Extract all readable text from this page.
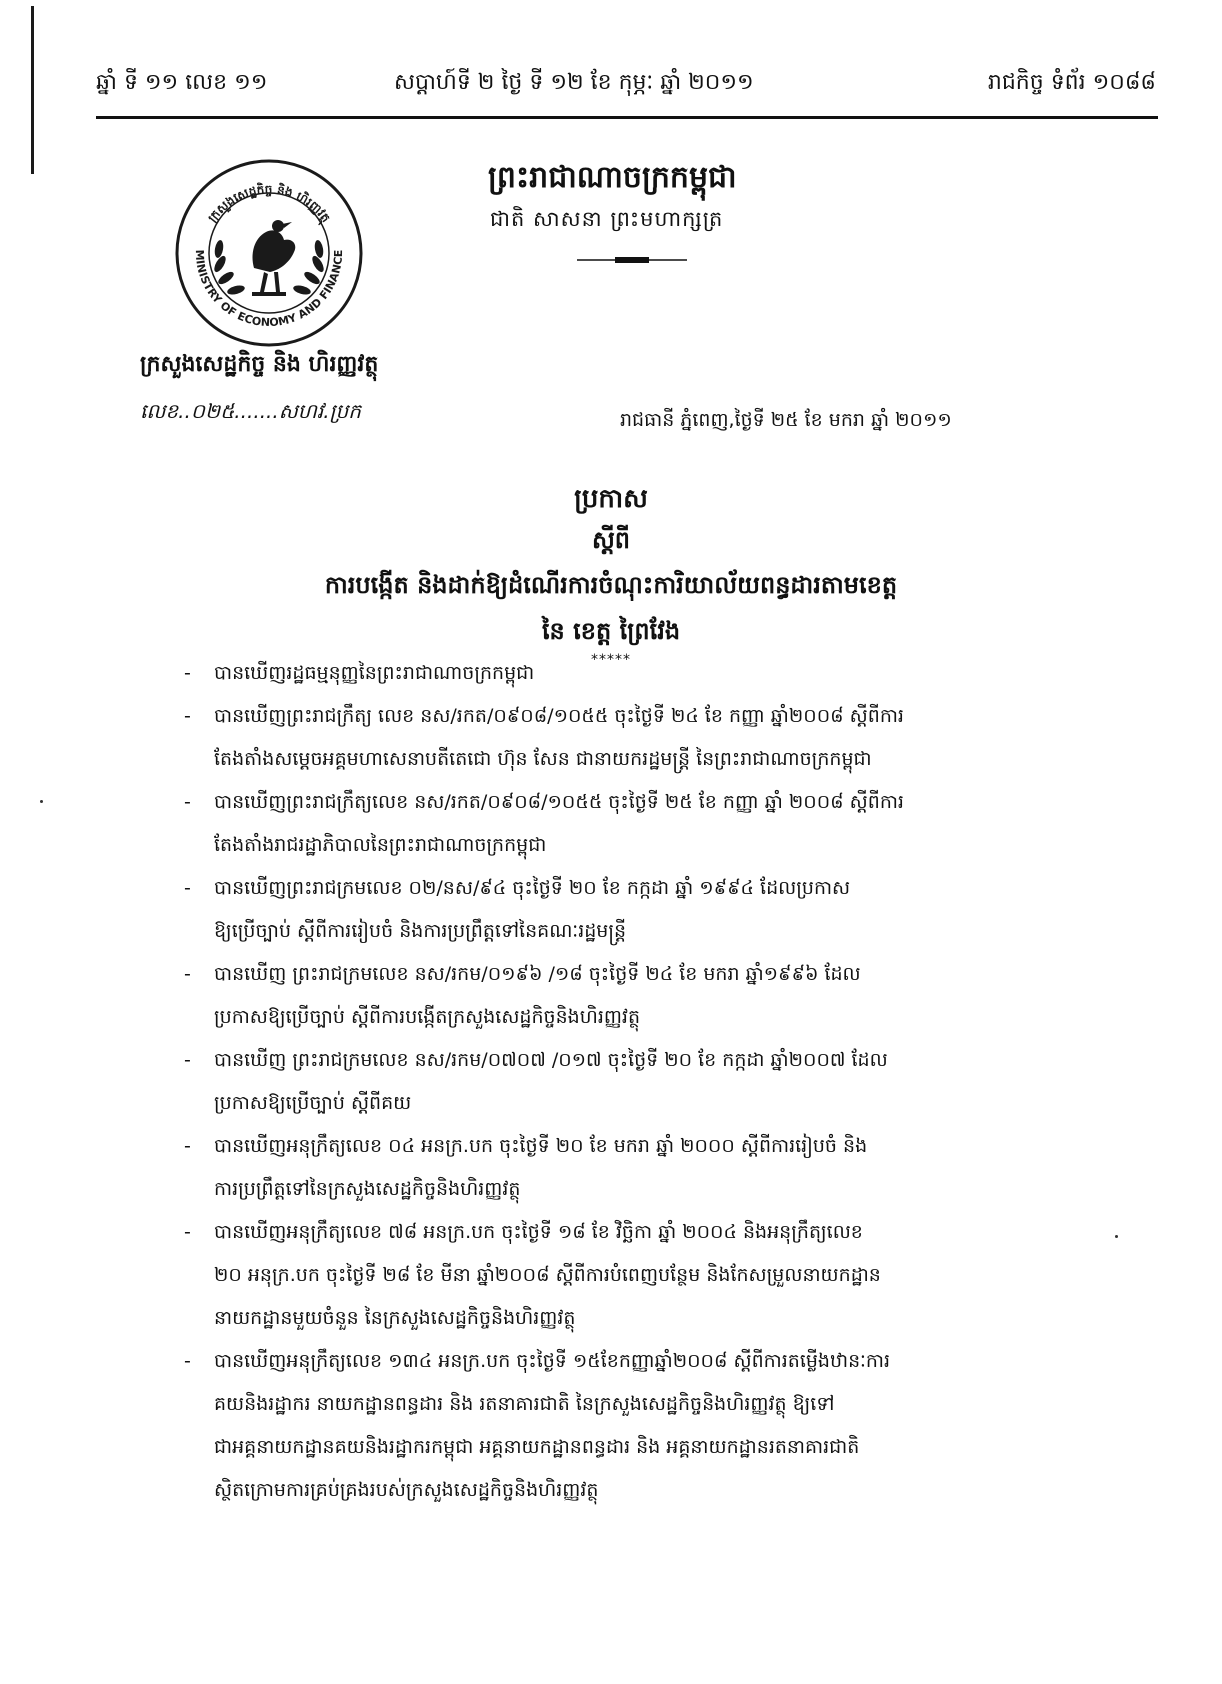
ឆ្នាំ ទី ១១ លេខ ១១	សប្ដាហ៍ទី ២ ថ្ងៃ ទី ១២ ខែ កុម្ភៈ ឆ្នាំ ២០១១	រាជកិច្ច ទំព័រ ១០៨៨
MINISTRY OF ECONOMY AND FINANCE
ក្រសួងសេដ្ឋកិច្ច និង ហិរញ្ញវត្ថុ
ក្រសួងសេដ្ឋកិច្ច និង ហិរញ្ញវត្ថុ
លេខ..០២៥.......សហវ.ប្រក
ព្រះរាជាណាចក្រកម្ពុជា
ជាតិ សាសនា ព្រះមហាក្សត្រ
រាជធានី ភ្នំពេញ,ថ្ងៃទី ២៥ ខែ មករា ឆ្នាំ ២០១១
ប្រកាស
ស្ដីពី
ការបង្កើត និងដាក់ឱ្យដំណើរការចំណុះការិយាល័យពន្ធដារតាមខេត្ត
នៃ ខេត្ត ព្រៃវែង
*****
- បានឃើញរដ្ឋធម្មនុញ្ញនៃព្រះរាជាណាចក្រកម្ពុជា
- បានឃើញព្រះរាជក្រឹត្យ លេខ នស/រកត/០៩០៨/១០៥៥ ចុះថ្ងៃទី ២៤ ខែ កញ្ញា ឆ្នាំ២០០៨ ស្ដីពីការ
តែងតាំងសម្ដេចអគ្គមហាសេនាបតីតេជោ ហ៊ុន សែន ជានាយករដ្ឋមន្ត្រី នៃព្រះរាជាណាចក្រកម្ពុជា
- បានឃើញព្រះរាជក្រឹត្យលេខ នស/រកត/០៩០៨/១០៥៥ ចុះថ្ងៃទី ២៥ ខែ កញ្ញា ឆ្នាំ ២០០៨ ស្ដីពីការ
តែងតាំងរាជរដ្ឋាភិបាលនៃព្រះរាជាណាចក្រកម្ពុជា
- បានឃើញព្រះរាជក្រមលេខ ០២/នស/៩៤ ចុះថ្ងៃទី ២០ ខែ កក្កដា ឆ្នាំ ១៩៩៤ ដែលប្រកាស
ឱ្យប្រើច្បាប់ ស្ដីពីការរៀបចំ និងការប្រព្រឹត្តទៅនៃគណៈរដ្ឋមន្ត្រី
- បានឃើញ ព្រះរាជក្រមលេខ នស/រកម/០១៩៦ /១៨ ចុះថ្ងៃទី ២៤ ខែ មករា ឆ្នាំ១៩៩៦ ដែល
ប្រកាសឱ្យប្រើច្បាប់ ស្ដីពីការបង្កើតក្រសួងសេដ្ឋកិច្ចនិងហិរញ្ញវត្ថុ
- បានឃើញ ព្រះរាជក្រមលេខ នស/រកម/០៧០៧ /០១៧ ចុះថ្ងៃទី ២០ ខែ កក្កដា ឆ្នាំ២០០៧ ដែល
ប្រកាសឱ្យប្រើច្បាប់ ស្ដីពីគយ
- បានឃើញអនុក្រឹត្យលេខ ០៤ អនក្រ.បក ចុះថ្ងៃទី ២០ ខែ មករា ឆ្នាំ ២០០០ ស្ដីពីការរៀបចំ និង
ការប្រព្រឹត្តទៅនៃក្រសួងសេដ្ឋកិច្ចនិងហិរញ្ញវត្ថុ
- បានឃើញអនុក្រឹត្យលេខ ៧៨ អនក្រ.បក ចុះថ្ងៃទី ១៨ ខែ វិច្ឆិកា ឆ្នាំ ២០០៤ និងអនុក្រឹត្យលេខ
២០ អនុក្រ.បក ចុះថ្ងៃទី ២៨ ខែ មីនា ឆ្នាំ២០០៨ ស្ដីពីការបំពេញបន្ថែម និងកែសម្រួលនាយកដ្ឋាន
នាយកដ្ឋានមួយចំនួន នៃក្រសួងសេដ្ឋកិច្ចនិងហិរញ្ញវត្ថុ
- បានឃើញអនុក្រឹត្យលេខ ១៣៤ អនក្រ.បក ចុះថ្ងៃទី ១៥ខែកញ្ញាឆ្នាំ២០០៨ ស្ដីពីការតម្លើងឋានៈការ
គយនិងរដ្ឋាករ នាយកដ្ឋានពន្ធដារ និង រតនាគារជាតិ នៃក្រសួងសេដ្ឋកិច្ចនិងហិរញ្ញវត្ថុ ឱ្យទៅ
ជាអគ្គនាយកដ្ឋានគយនិងរដ្ឋាករកម្ពុជា អគ្គនាយកដ្ឋានពន្ធដារ និង អគ្គនាយកដ្ឋានរតនាគារជាតិ
ស្ថិតក្រោមការគ្រប់គ្រងរបស់ក្រសួងសេដ្ឋកិច្ចនិងហិរញ្ញវត្ថុ
